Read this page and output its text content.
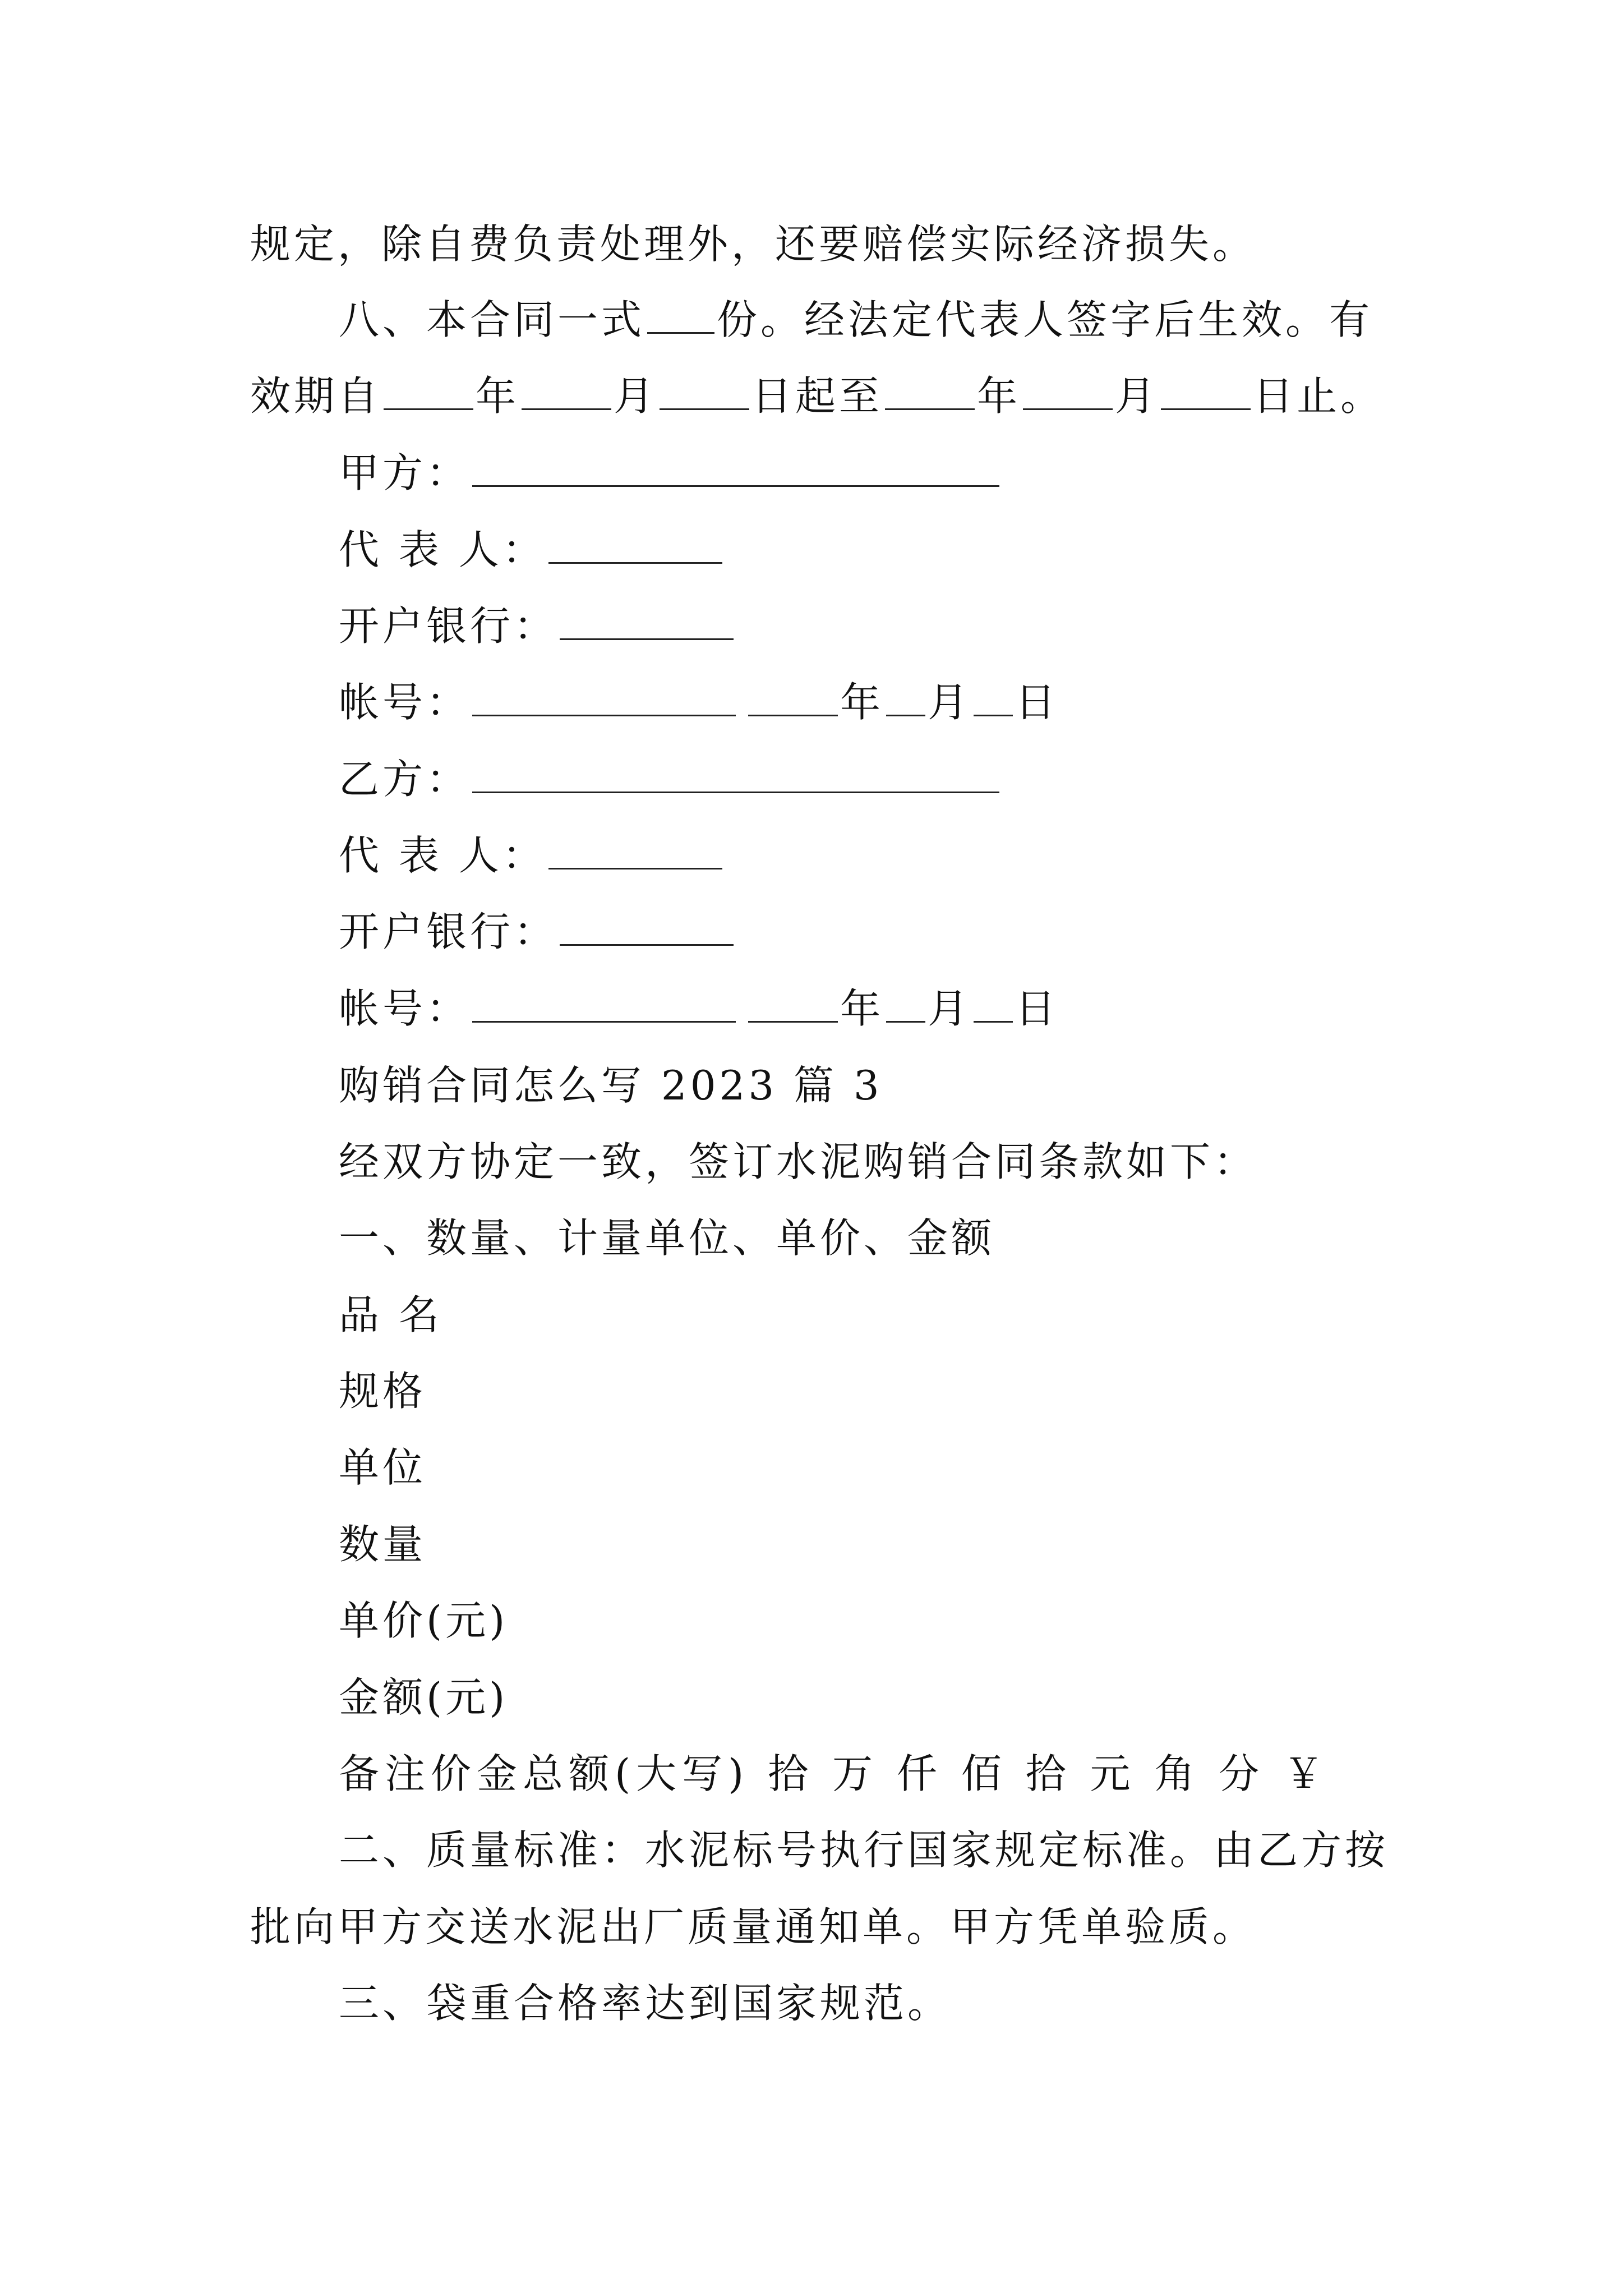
规定，除自费负责处理外，还要赔偿实际经济损失。
八、本合同一式 份。经法定代表人签字后生效。有
效期自 年 月 日起至 年 月 日止。
甲方：
代 表 人：
开户银行：
帐号：	年 月 日
乙方：
代 表 人：
开户银行：
帐号：	年 月 日
购销合同怎么写 2023 篇 3
经双方协定一致，签订水泥购销合同条款如下：
一、数量、计量单位、单价、金额
品 名
规格
单位
数量
单价(元)
金额(元)
备注价金总额(大写) 拾 万 仟 佰 拾 元 角 分 ￥
二、质量标准：水泥标号执行国家规定标准。由乙方按
批向甲方交送水泥出厂质量通知单。甲方凭单验质。
三、袋重合格率达到国家规范。
